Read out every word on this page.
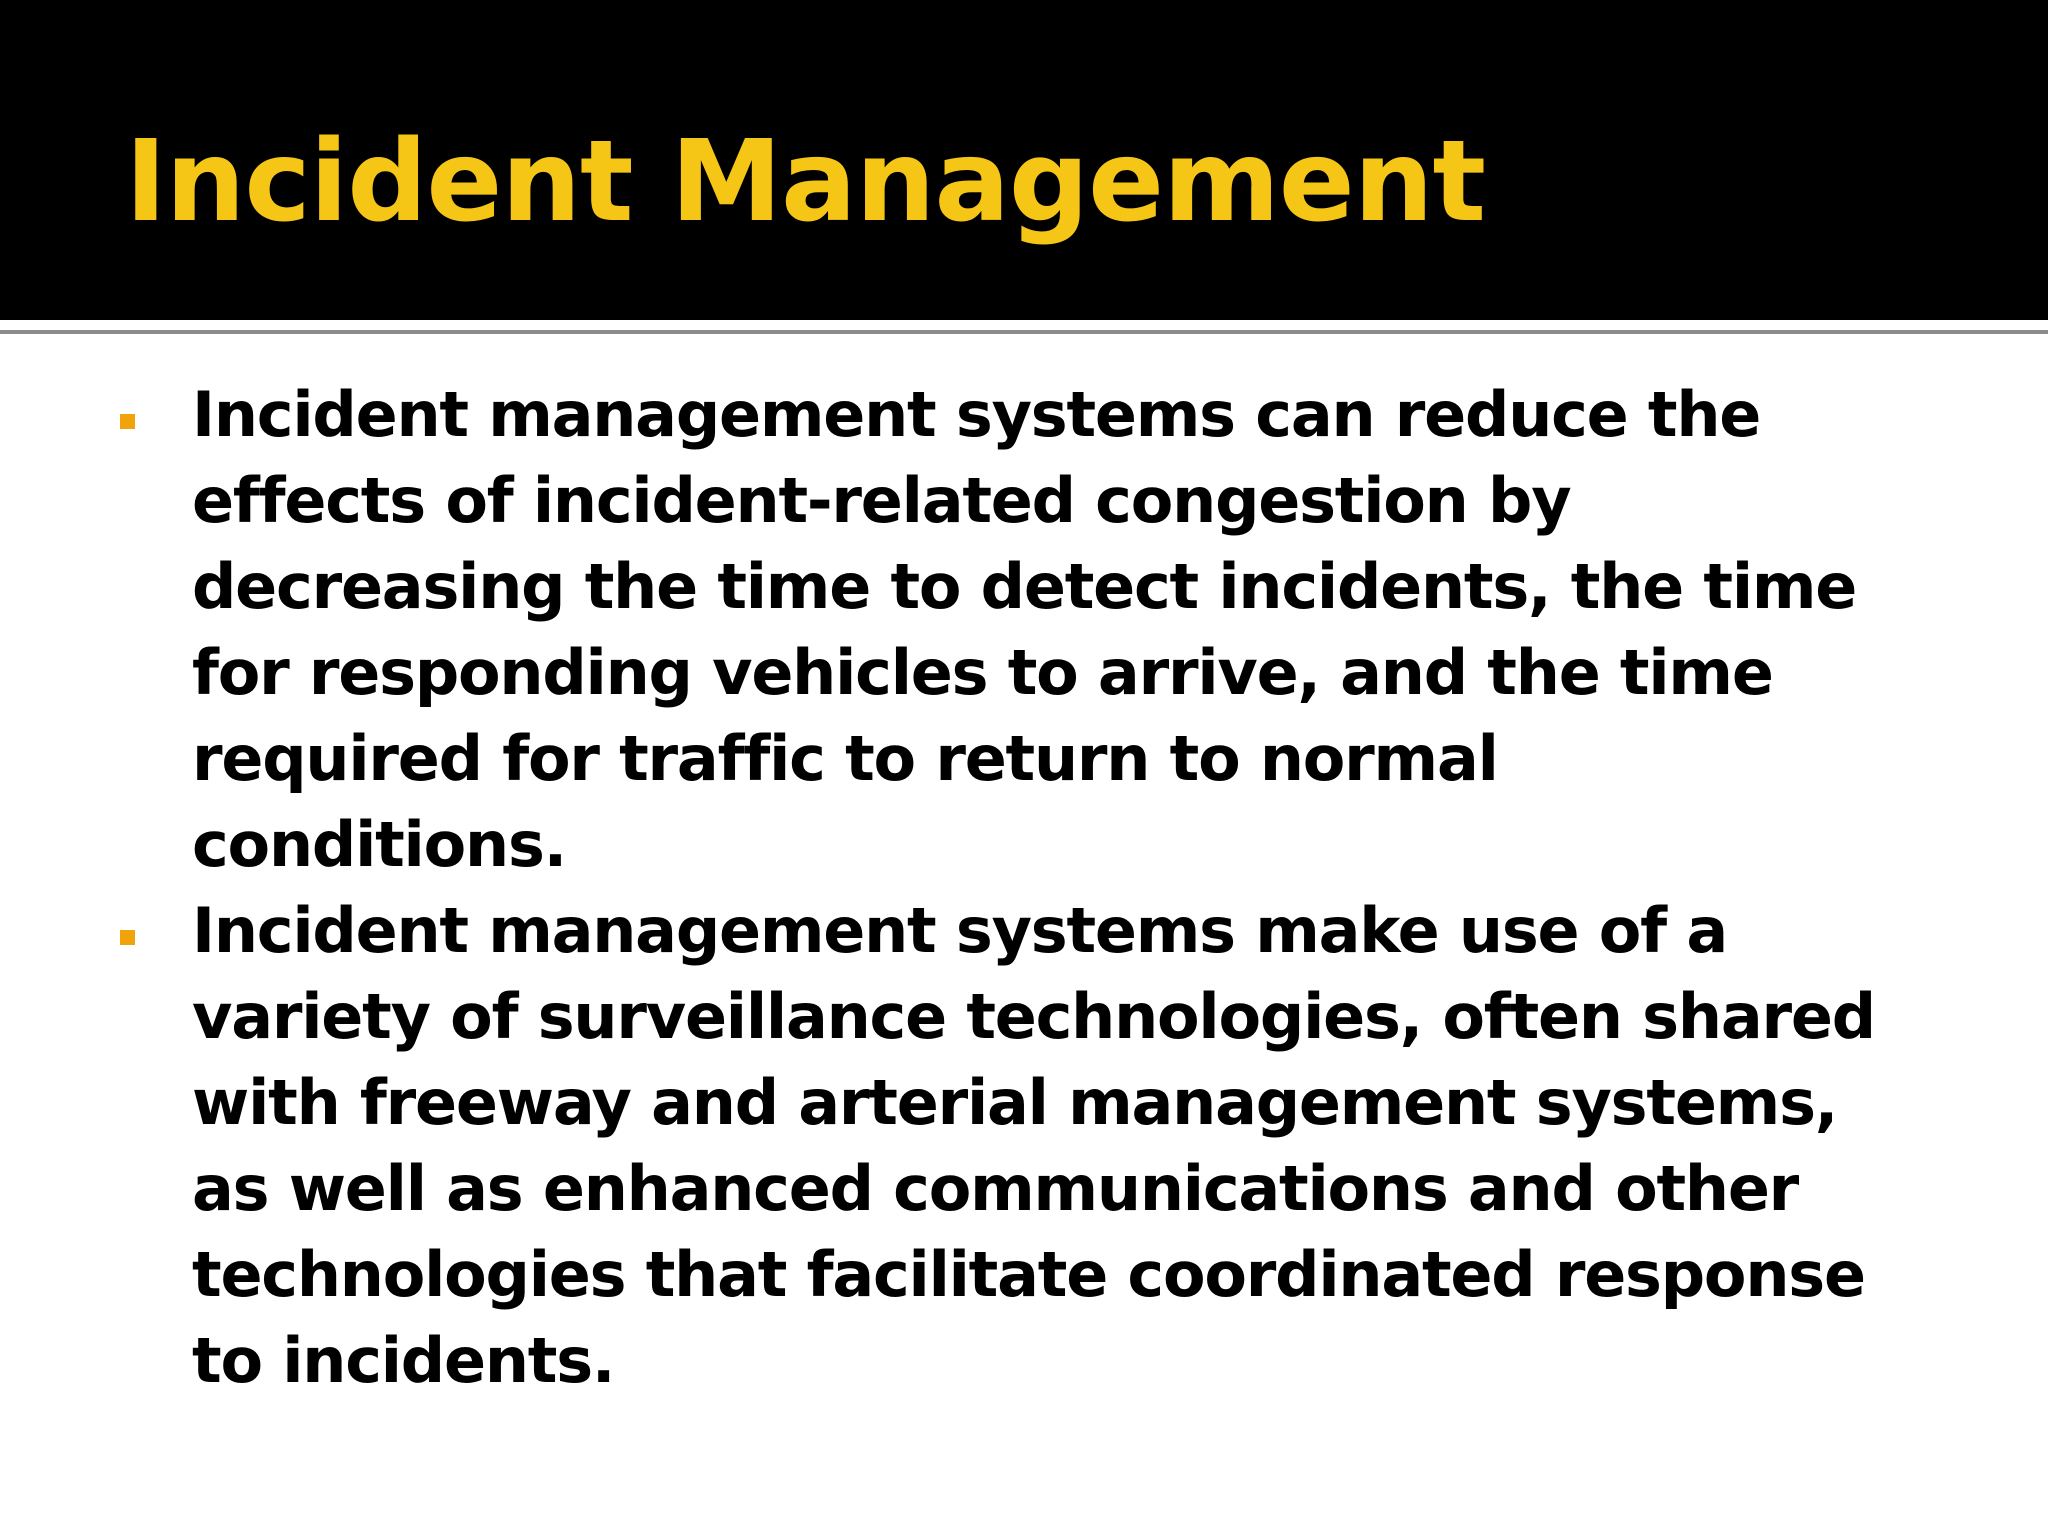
Incident Management
Incident management systems can reduce the
effects of incident-related congestion by
decreasing the time to detect incidents, the time
for responding vehicles to arrive, and the time
required for traffic to return to normal
conditions.
Incident management systems make use of a
variety of surveillance technologies, often shared
with freeway and arterial management systems,
as well as enhanced communications and other
technologies that facilitate coordinated response
to incidents.
